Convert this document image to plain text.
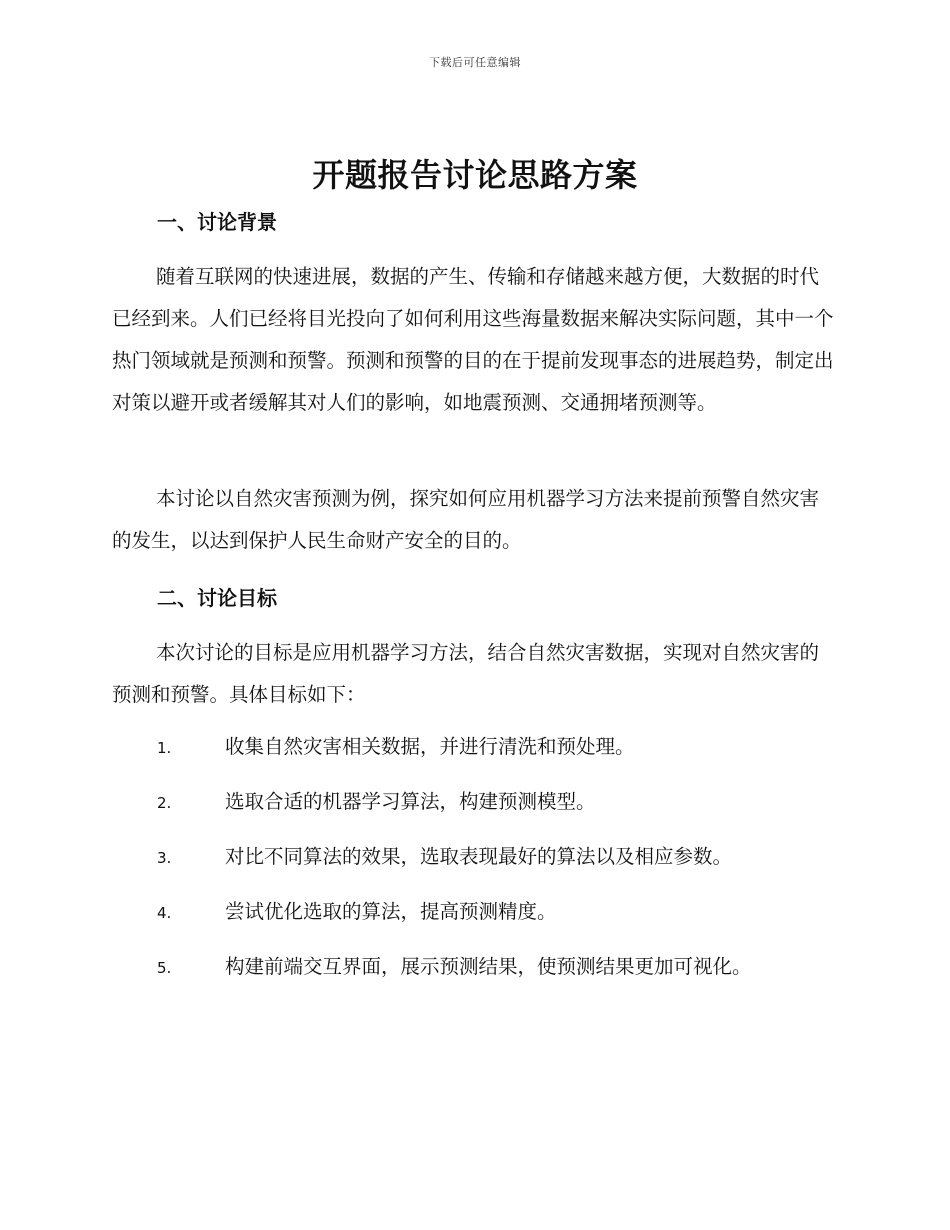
下载后可任意编辑
开题报告讨论思路方案
一、讨论背景

随着互联网的快速进展，数据的产生、传输和存储越来越方便，大数据的时代已经到来。人们已经将目光投向了如何利用这些海量数据来解决实际问题，其中一个热门领域就是预测和预警。预测和预警的目的在于提前发现事态的进展趋势，制定出对策以避开或者缓解其对人们的影响，如地震预测、交通拥堵预测等。

本讨论以自然灾害预测为例，探究如何应用机器学习方法来提前预警自然灾害的发生，以达到保护人民生命财产安全的目的。

二、讨论目标

本次讨论的目标是应用机器学习方法，结合自然灾害数据，实现对自然灾害的预测和预警。具体目标如下：

1.	收集自然灾害相关数据，并进行清洗和预处理。
2.	选取合适的机器学习算法，构建预测模型。
3.	对比不同算法的效果，选取表现最好的算法以及相应参数。
4.	尝试优化选取的算法，提高预测精度。
5.	构建前端交互界面，展示预测结果，使预测结果更加可视化。
